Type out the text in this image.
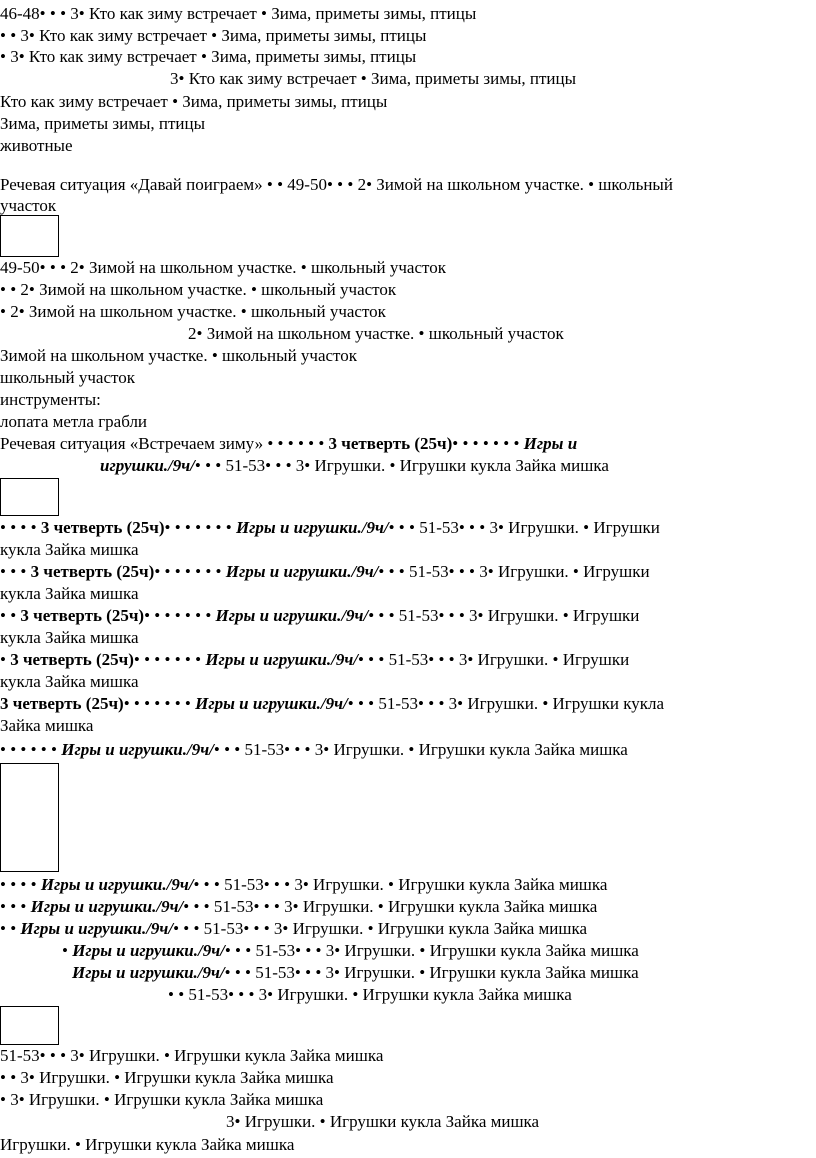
46-48• • • 3• Кто как зиму встречает • Зима, приметы зимы, птицы
• • 3• Кто как зиму встречает • Зима, приметы зимы, птицы
• 3• Кто как зиму встречает • Зима, приметы зимы, птицы
3• Кто как зиму встречает • Зима, приметы зимы, птицы
Кто как зиму встречает • Зима, приметы зимы, птицы
Зима, приметы зимы, птицы
животные
Речевая ситуация «Давай поиграем» • • 49-50• • • 2• Зимой на школьном участке. • школьный
участок
49-50• • • 2• Зимой на школьном участке. • школьный участок
• • 2• Зимой на школьном участке. • школьный участок
• 2• Зимой на школьном участке. • школьный участок
2• Зимой на школьном участке. • школьный участок
Зимой на школьном участке. • школьный участок
школьный участок
инструменты:
лопата метла грабли
Речевая ситуация «Встречаем зиму» • • • • • • 3 четверть (25ч)• • • • • • • Игры и
игрушки./9ч/• • • 51-53• • • 3• Игрушки. • Игрушки кукла Зайка мишка
• • • • 3 четверть (25ч)• • • • • • • Игры и игрушки./9ч/• • • 51-53• • • 3• Игрушки. • Игрушки
кукла Зайка мишка
• • • 3 четверть (25ч)• • • • • • • Игры и игрушки./9ч/• • • 51-53• • • 3• Игрушки. • Игрушки
кукла Зайка мишка
• • 3 четверть (25ч)• • • • • • • Игры и игрушки./9ч/• • • 51-53• • • 3• Игрушки. • Игрушки
кукла Зайка мишка
• 3 четверть (25ч)• • • • • • • Игры и игрушки./9ч/• • • 51-53• • • 3• Игрушки. • Игрушки
кукла Зайка мишка
3 четверть (25ч)• • • • • • • Игры и игрушки./9ч/• • • 51-53• • • 3• Игрушки. • Игрушки кукла
Зайка мишка
• • • • • • Игры и игрушки./9ч/• • • 51-53• • • 3• Игрушки. • Игрушки кукла Зайка мишка
• • • • Игры и игрушки./9ч/• • • 51-53• • • 3• Игрушки. • Игрушки кукла Зайка мишка
• • • Игры и игрушки./9ч/• • • 51-53• • • 3• Игрушки. • Игрушки кукла Зайка мишка
• • Игры и игрушки./9ч/• • • 51-53• • • 3• Игрушки. • Игрушки кукла Зайка мишка
• Игры и игрушки./9ч/• • • 51-53• • • 3• Игрушки. • Игрушки кукла Зайка мишка
Игры и игрушки./9ч/• • • 51-53• • • 3• Игрушки. • Игрушки кукла Зайка мишка
• • 51-53• • • 3• Игрушки. • Игрушки кукла Зайка мишка
51-53• • • 3• Игрушки. • Игрушки кукла Зайка мишка
• • 3• Игрушки. • Игрушки кукла Зайка мишка
• 3• Игрушки. • Игрушки кукла Зайка мишка
3• Игрушки. • Игрушки кукла Зайка мишка
Игрушки. • Игрушки кукла Зайка мишка
